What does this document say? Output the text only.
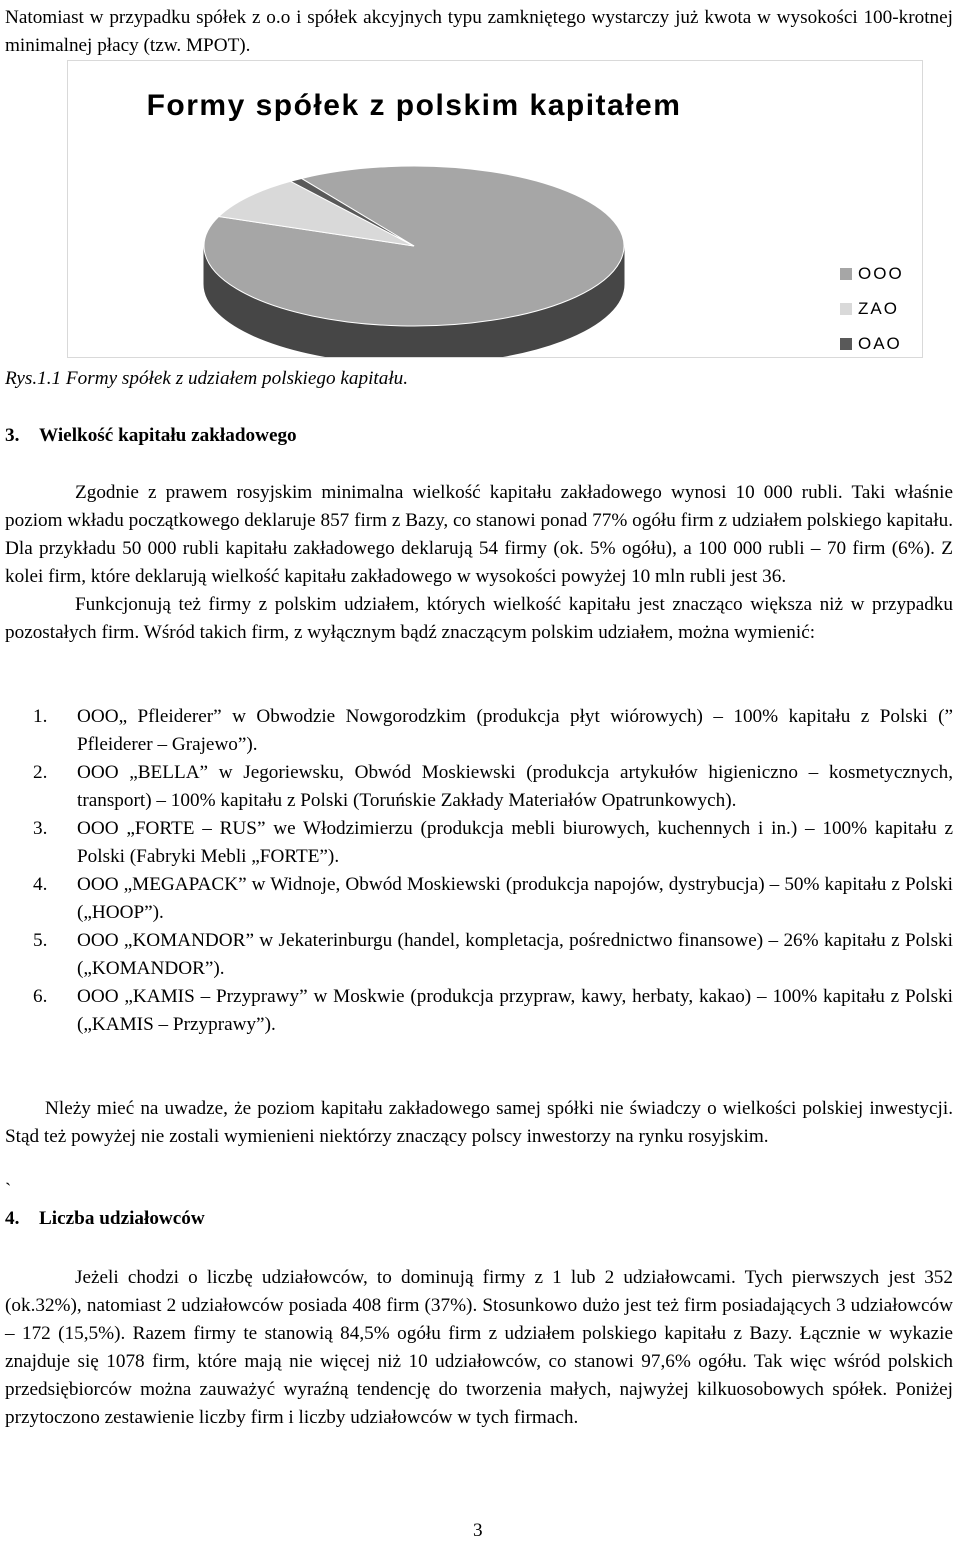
Natomiast w przypadku spółek z o.o i spółek akcyjnych typu zamkniętego wystarczy już kwota w wysokości 100-krotnej minimalnej płacy (tzw. MPOT).

Formy spółek z polskim kapitałem
OOO
ZAO
OAO
Rys.1.1 Formy spółek z udziałem polskiego kapitału.
3. Wielkość kapitału zakładowego

Zgodnie z prawem rosyjskim minimalna wielkość kapitału zakładowego wynosi 10 000 rubli. Taki właśnie poziom wkładu początkowego deklaruje 857 firm z Bazy, co stanowi ponad 77% ogółu firm z udziałem polskiego kapitału. Dla przykładu 50 000 rubli kapitału zakładowego deklarują 54 firmy (ok. 5% ogółu), a 100 000 rubli – 70 firm (6%). Z kolei firm, które deklarują wielkość kapitału zakładowego w wysokości powyżej 10 mln rubli jest 36.

Funkcjonują też firmy z polskim udziałem, których wielkość kapitału jest znacząco większa niż w przypadku pozostałych firm. Wśród takich firm, z wyłącznym bądź znaczącym polskim udziałem, można wymienić:

1.	OOO„ Pfleiderer” w Obwodzie Nowgorodzkim (produkcja płyt wiórowych) – 100% kapitału z Polski (” Pfleiderer – Grajewo”).
2.	OOO „BELLA” w Jegoriewsku, Obwód Moskiewski (produkcja artykułów higieniczno – kosmetycznych, transport) – 100% kapitału z Polski (Toruńskie Zakłady Materiałów Opatrunkowych).
3.	OOO „FORTE – RUS” we Włodzimierzu (produkcja mebli biurowych, kuchennych i in.) – 100% kapitału z Polski (Fabryki Mebli „FORTE”).
4.	OOO „MEGAPACK” w Widnoje, Obwód Moskiewski (produkcja napojów, dystrybucja) – 50% kapitału z Polski („HOOP”).
5.	OOO „KOMANDOR” w Jekaterinburgu (handel, kompletacja, pośrednictwo finansowe) – 26% kapitału z Polski („KOMANDOR”).
6.	OOO „KAMIS – Przyprawy” w Moskwie (produkcja przypraw, kawy, herbaty, kakao) – 100% kapitału z Polski („KAMIS – Przyprawy”).

Nleży mieć na uwadze, że poziom kapitału zakładowego samej spółki nie świadczy o wielkości polskiej inwestycji. Stąd też powyżej nie zostali wymienieni niektórzy znaczący polscy inwestorzy na rynku rosyjskim.

`
4. Liczba udziałowców

Jeżeli chodzi o liczbę udziałowców, to dominują firmy z 1 lub 2 udziałowcami. Tych pierwszych jest 352 (ok.32%), natomiast 2 udziałowców posiada 408 firm (37%). Stosunkowo dużo jest też firm posiadających 3 udziałowców – 172 (15,5%). Razem firmy te stanowią 84,5% ogółu firm z udziałem polskiego kapitału z Bazy. Łącznie w wykazie znajduje się 1078 firm, które mają nie więcej niż 10 udziałowców, co stanowi 97,6% ogółu. Tak więc wśród polskich przedsiębiorców można zauważyć wyraźną tendencję do tworzenia małych, najwyżej kilkuosobowych spółek. Poniżej przytoczono zestawienie liczby firm i liczby udziałowców w tych firmach.

3
